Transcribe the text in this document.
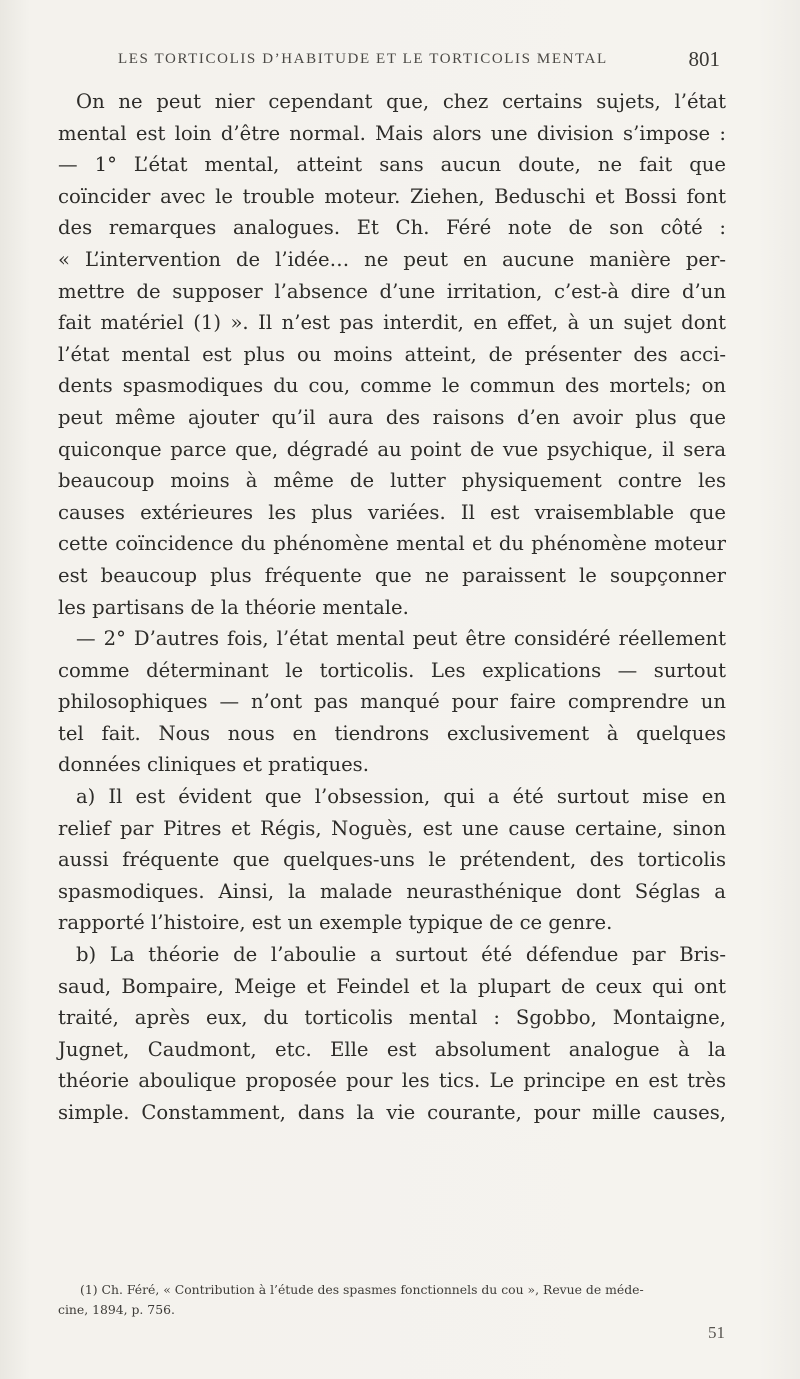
LES TORTICOLIS D’HABITUDE ET LE TORTICOLIS MENTAL	801
On ne peut nier cependant que, chez certains sujets, l’état
mental est loin d’être normal. Mais alors une division s’impose :
— 1° L’état mental, atteint sans aucun doute, ne fait que
coïncider avec le trouble moteur. Ziehen, Beduschi et Bossi font
des remarques analogues. Et Ch. Féré note de son côté :
« L’intervention de l’idée… ne peut en aucune manière per-
mettre de supposer l’absence d’une irritation, c’est-à dire d’un
fait matériel (1) ». Il n’est pas interdit, en effet, à un sujet dont
l’état mental est plus ou moins atteint, de présenter des acci-
dents spasmodiques du cou, comme le commun des mortels; on
peut même ajouter qu’il aura des raisons d’en avoir plus que
quiconque parce que, dégradé au point de vue psychique, il sera
beaucoup moins à même de lutter physiquement contre les
causes extérieures les plus variées. Il est vraisemblable que
cette coïncidence du phénomène mental et du phénomène moteur
est beaucoup plus fréquente que ne paraissent le soupçonner
les partisans de la théorie mentale.
— 2° D’autres fois, l’état mental peut être considéré réellement
comme déterminant le torticolis. Les explications — surtout
philosophiques — n’ont pas manqué pour faire comprendre un
tel fait. Nous nous en tiendrons exclusivement à quelques
données cliniques et pratiques.
a) Il est évident que l’obsession, qui a été surtout mise en
relief par Pitres et Régis, Noguès, est une cause certaine, sinon
aussi fréquente que quelques-uns le prétendent, des torticolis
spasmodiques. Ainsi, la malade neurasthénique dont Séglas a
rapporté l’histoire, est un exemple typique de ce genre.
b) La théorie de l’aboulie a surtout été défendue par Bris-
saud, Bompaire, Meige et Feindel et la plupart de ceux qui ont
traité, après eux, du torticolis mental : Sgobbo, Montaigne,
Jugnet, Caudmont, etc. Elle est absolument analogue à la
théorie aboulique proposée pour les tics. Le principe en est très
simple. Constamment, dans la vie courante, pour mille causes,
(1) Ch. Féré, « Contribution à l’étude des spasmes fonctionnels du cou », Revue de méde-
cine, 1894, p. 756.
51
